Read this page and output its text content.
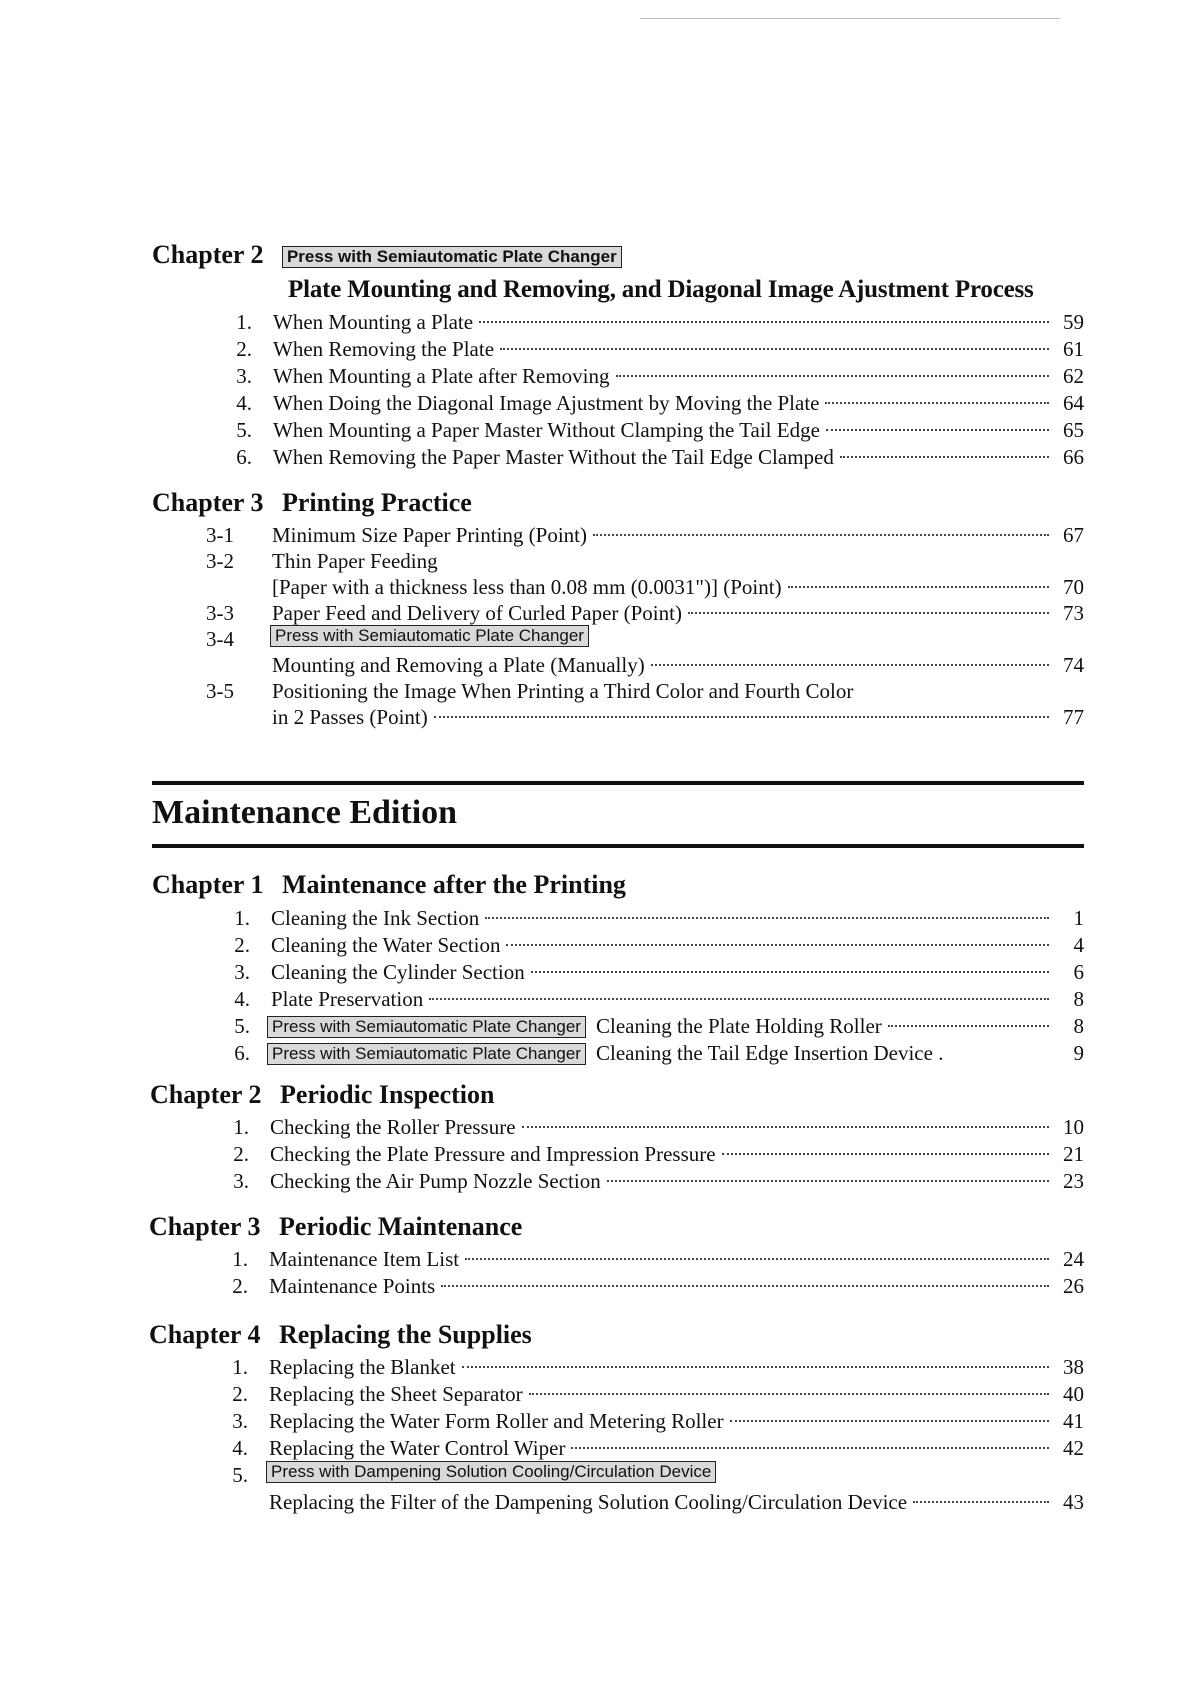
Chapter 2 Press with Semiautomatic Plate Changer
Plate Mounting and Removing, and Diagonal Image Ajustment Process
1. When Mounting a Plate	59
2. When Removing the Plate	61
3. When Mounting a Plate after Removing	62
4. When Doing the Diagonal Image Ajustment by Moving the Plate	64
5. When Mounting a Paper Master Without Clamping the Tail Edge	65
6. When Removing the Paper Master Without the Tail Edge Clamped	66
Chapter 3 Printing Practice
3-1	Minimum Size Paper Printing (Point)	67
3-2	Thin Paper Feeding
[Paper with a thickness less than 0.08 mm (0.0031")] (Point)	70
3-3	Paper Feed and Delivery of Curled Paper (Point)	73
3-4	Press with Semiautomatic Plate Changer
Mounting and Removing a Plate (Manually)	74
3-5	Positioning the Image When Printing a Third Color and Fourth Color
in 2 Passes (Point)	77
Maintenance Edition
Chapter 1 Maintenance after the Printing
1. Cleaning the Ink Section	1
2. Cleaning the Water Section	4
3. Cleaning the Cylinder Section	6
4. Plate Preservation	8
5. Press with Semiautomatic Plate Changer Cleaning the Plate Holding Roller	8
6. Press with Semiautomatic Plate Changer Cleaning the Tail Edge Insertion Device .	9
Chapter 2 Periodic Inspection
1. Checking the Roller Pressure	10
2. Checking the Plate Pressure and Impression Pressure	21
3. Checking the Air Pump Nozzle Section	23
Chapter 3 Periodic Maintenance
1. Maintenance Item List	24
2. Maintenance Points	26
Chapter 4 Replacing the Supplies
1. Replacing the Blanket	38
2. Replacing the Sheet Separator	40
3. Replacing the Water Form Roller and Metering Roller	41
4. Replacing the Water Control Wiper	42
5. Press with Dampening Solution Cooling/Circulation Device
Replacing the Filter of the Dampening Solution Cooling/Circulation Device	43
